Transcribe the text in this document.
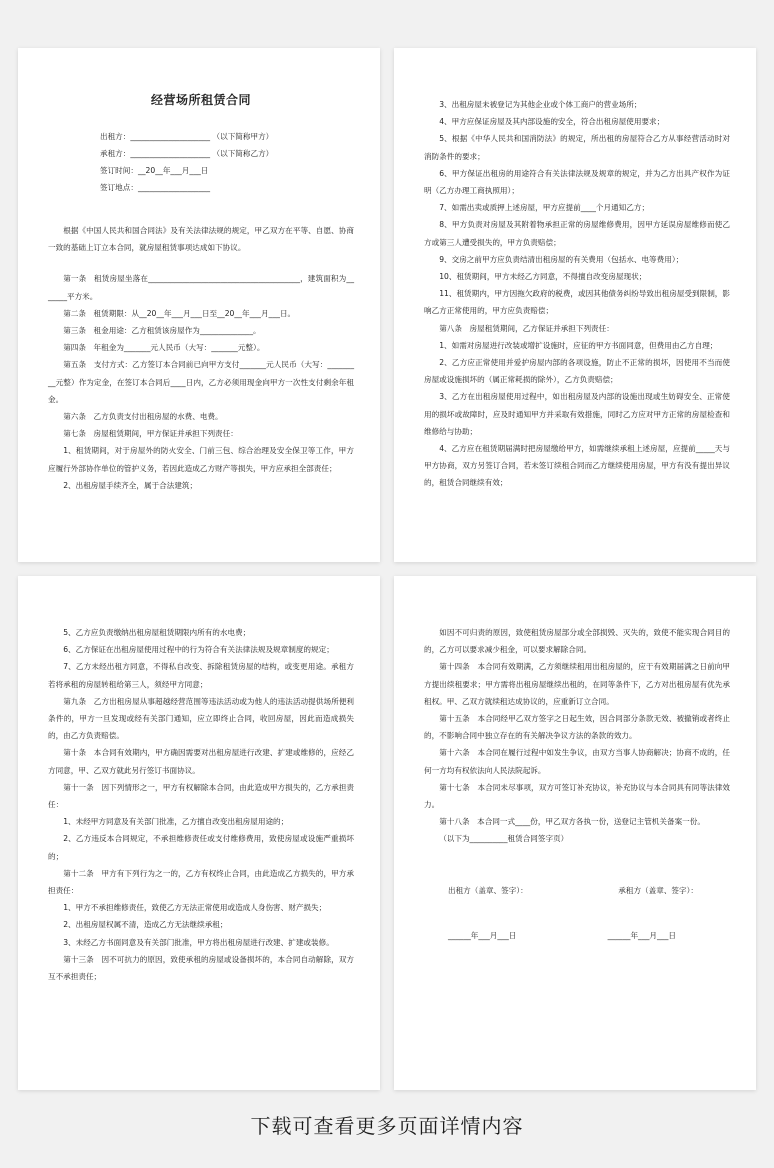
经营场所租赁合同
出租方：_____________________ （以下简称甲方）
承租方：_____________________ （以下简称乙方）
签订时间：__20__年___月___日
签订地点：___________________

根据《中国人民共和国合同法》及有关法律法规的规定，甲乙双方在平等、自愿、协商一致的基础上订立本合同，就房屋租赁事项达成如下协议。

第一条　租赁房屋坐落在________________________________________，建筑面积为_______平方米。

第二条　租赁期限：从__20__年___月___日至__20__年___月___日。

第三条　租金用途：乙方租赁该房屋作为______________。

第四条　年租金为_______元人民币（大写：_______元整）。

第五条　支付方式：乙方签订本合同前已向甲方支付_______元人民币（大写：_________元整）作为定金，在签订本合同后____日内，乙方必须用现金向甲方一次性支付剩余年租金。

第六条　乙方负责支付出租房屋的水费、电费。

第七条　房屋租赁期间，甲方保证并承担下列责任：

1、租赁期间，对于房屋外的防火安全、门前三包、综合治理及安全保卫等工作，甲方应履行外部协作单位的管护义务，若因此造成乙方财产等损失，甲方应承担全部责任；

2、出租房屋手续齐全，属于合法建筑；

3、出租房屋未被登记为其他企业或个体工商户的营业场所；

4、甲方应保证房屋及其内部设施的安全，符合出租房屋使用要求；

5、根据《中华人民共和国消防法》的规定，所出租的房屋符合乙方从事经营活动时对消防条件的要求；

6、甲方保证出租房的用途符合有关法律法规及规章的规定，并为乙方出具产权作为证明（乙方办理工商执照用）；

7、如需出卖或质押上述房屋，甲方应提前____个月通知乙方；

8、甲方负责对房屋及其附着物承担正常的房屋维修费用，因甲方延误房屋维修而使乙方或第三人遭受损失的，甲方负责赔偿；

9、交房之前甲方应负责结清出租房屋的有关费用（包括水、电等费用）；

10、租赁期间，甲方未经乙方同意，不得擅自改变房屋现状；

11、租赁期内，甲方因拖欠政府的税费，或因其他债务纠纷导致出租房屋受到限制，影响乙方正常使用的，甲方应负责赔偿；

第八条　房屋租赁期间，乙方保证并承担下列责任：

1、如需对房屋进行改装或增扩设施时，应征的甲方书面同意，但费用由乙方自理；

2、乙方应正常使用并爱护房屋内部的各项设施，防止不正常的损坏，因使用不当而使房屋或设施损坏的（属正常耗损的除外），乙方负责赔偿；

3、乙方在出租房屋使用过程中，如出租房屋及内部的设施出现或生妨碍安全、正常使用的损坏或故障时，应及时通知甲方并采取有效措施，同时乙方应对甲方正常的房屋检查和维修给与协助；

4、乙方应在租赁期届满时把房屋缴给甲方，如需继续承租上述房屋，应提前_____天与甲方协商，双方另签订合同，若未签订续租合同而乙方继续使用房屋，甲方有没有提出异议的，租赁合同继续有效；

5、乙方应负责缴纳出租房屋租赁期限内所有的水电费；

6、乙方保证在出租房屋使用过程中的行为符合有关法律法规及规章制度的规定；

7、乙方未经出租方同意，不得私自改变、拆除租赁房屋的结构，或变更用途。承租方若将承租的房屋转租给第三人，须经甲方同意；

第九条　乙方出租房屋从事超越经营范围等违法活动或为他人的违法活动提供场所便利条件的，甲方一旦发现或经有关部门通知，应立即终止合同，收回房屋，因此而造成损失的，由乙方负责赔偿。

第十条　本合同有效期内，甲方确因需要对出租房屋进行改建、扩建或维修的，应经乙方同意，甲、乙双方就此另行签订书面协议。

第十一条　因下列情形之一，甲方有权解除本合同，由此造成甲方损失的，乙方承担责任：

1、未经甲方同意及有关部门批准，乙方擅自改变出租房屋用途的；

2、乙方违反本合同规定，不承担维修责任或支付维修费用，致使房屋或设施严重损坏的；

第十二条　甲方有下列行为之一的，乙方有权终止合同，由此造成乙方损失的，甲方承担责任：

1、甲方不承担维修责任，致使乙方无法正常使用或造成人身伤害、财产损失；

2、出租房屋权属不清，造成乙方无法继续承租；

3、未经乙方书面同意及有关部门批准，甲方将出租房屋进行改建、扩建或装修。

第十三条　因不可抗力的原因，致使承租的房屋或设备损坏的，本合同自动解除，双方互不承担责任；

如因不可归责的原因，致使租赁房屋部分或全部损毁、灭失的，致使不能实现合同目的的，乙方可以要求减少租金，可以要求解除合同。

第十四条　本合同有效期满，乙方须继续租用出租房屋的，应于有效期届满之日前向甲方提出续租要求；甲方需将出租房屋继续出租的，在同等条件下，乙方对出租房屋有优先承租权。甲、乙双方就续租达成协议的，应重新订立合同。

第十五条　本合同经甲乙双方签字之日起生效，因合同部分条款无效、被撤销或者终止的，不影响合同中独立存在的有关解决争议方法的条款的效力。

第十六条　本合同在履行过程中如发生争议，由双方当事人协商解决；协商不成的，任何一方均有权依法向人民法院起诉。

第十七条　本合同未尽事项，双方可签订补充协议，补充协议与本合同具有同等法律效力。

第十八条　本合同一式____份，甲乙双方各执一份，送登记主管机关备案一份。

（以下为__________租赁合同签字页）

出租方（盖章、签字）：	承租方（盖章、签字）：
______年___月___日	______年___月___日
下载可查看更多页面详情内容
